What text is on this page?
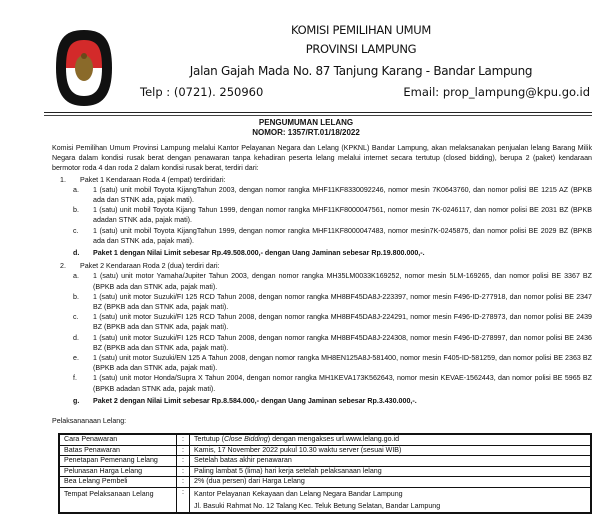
KOMISI PEMILIHAN UMUM
PROVINSI LAMPUNG
Jalan Gajah Mada No. 87 Tanjung Karang - Bandar Lampung
Telp : (0721). 250960	Email: prop_lampung@kpu.go.id
PENGUMUMAN LELANG
NOMOR: 1357/RT.01/18/2022
Komisi Pemilihan Umum Provinsi Lampung melalui Kantor Pelayanan Negara dan Lelang (KPKNL) Bandar Lampung, akan melaksanakan penjualan lelang Barang Milik Negara dalam kondisi rusak berat dengan penawaran tanpa kehadiran peserta lelang melalui internet secara tertutup (closed bidding), berupa 2 (paket) kendaraan bermotor roda 4 dan roda 2 dalam kondisi rusak berat, terdiri dari:
1.	Paket 1 Kendaraan Roda 4 (empat) terdiridari:
a.	1 (satu) unit mobil Toyota KijangTahun 2003, dengan nomor rangka MHF11KF8330092246, nomor mesin 7K0643760, dan nomor polisi BE 1215 AZ (BPKB ada dan STNK ada, pajak mati).
b.	1 (satu) unit mobil Toyota Kijang Tahun 1999, dengan nomor rangka MHF11KF8000047561, nomor mesin 7K-0246117, dan nomor polisi BE 2031 BZ (BPKB adadan STNK ada, pajak mati).
c.	1 (satu) unit mobil Toyota KijangTahun 1999, dengan nomor rangka MHF11KF8000047483, nomor mesin7K-0245875, dan nomor polisi BE 2029 BZ (BPKB ada dan STNK ada, pajak mati).
d.	Paket 1 dengan Nilai Limit sebesar Rp.49.508.000,- dengan Uang Jaminan sebesar Rp.19.800.000,-.
2.	Paket 2 Kendaraan Roda 2 (dua) terdiri dari:
a.	1 (satu) unit motor Yamaha/Jupiter Tahun 2003, dengan nomor rangka MH35LM0033K169252, nomor mesin 5LM-169265, dan nomor polisi BE 3367 BZ (BPKB ada dan STNK ada, pajak mati).
b.	1 (satu) unit motor Suzuki/FI 125 RCD Tahun 2008, dengan nomor rangka MH8BF45DA8J-223397, nomor mesin F496-ID-277918, dan nomor polisi BE 2347 BZ (BPKB ada dan STNK ada, pajak mati).
c.	1 (satu) unit motor Suzuki/FI 125 RCD Tahun 2008, dengan nomor rangka MH8BF45DA8J-224291, nomor mesin F496-ID-278973, dan nomor polisi BE 2439 BZ (BPKB ada dan STNK ada, pajak mati).
d.	1 (satu) unit motor Suzuki/FI 125 RCD Tahun 2008, dengan nomor rangka MH8BF45DA8J-224308, nomor mesin F496-ID-278997, dan nomor polisi BE 2436 BZ (BPKB ada dan STNK ada, pajak mati).
e.	1 (satu) unit motor Suzuki/EN 125 A Tahun 2008, dengan nomor rangka MH8EN125A8J-581400, nomor mesin F405-ID-581259, dan nomor polisi BE 2363 BZ (BPKB ada dan STNK ada, pajak mati).
f.	1 (satu) unit motor Honda/Supra X Tahun 2004, dengan nomor rangka MH1KEVA173K562643, nomor mesin KEVAE-1562443, dan nomor polisi BE 5965 BZ (BPKB adadan STNK ada, pajak mati).
g.	Paket 2 dengan Nilai Limit sebesar Rp.8.584.000,- dengan Uang Jaminan sebesar Rp.3.430.000,-.
Pelaksananaan Lelang:
Cara Penawaran	:	Tertutup (Close Bidding) dengan mengakses url.www.lelang.go.id
Batas Penawaran	:	Kamis, 17 November 2022 pukul 10.30 waktu server (sesuai WIB)

Penetapan Pemenang Lelang	:	Setelah batas akhir penawaran

Pelunasan Harga Lelang	:	Paling lambat 5 (lima) hari kerja setelah pelaksanaan lelang

Bea Lelang Pembeli	:	2% (dua persen) dari Harga Lelang

Tempat Pelaksanaan Lelang	:	Kantor Pelayanan Kekayaan dan Lelang Negara Bandar Lampung
Jl. Basuki Rahmat No. 12 Talang Kec. Teluk Betung Selatan, Bandar Lampung
